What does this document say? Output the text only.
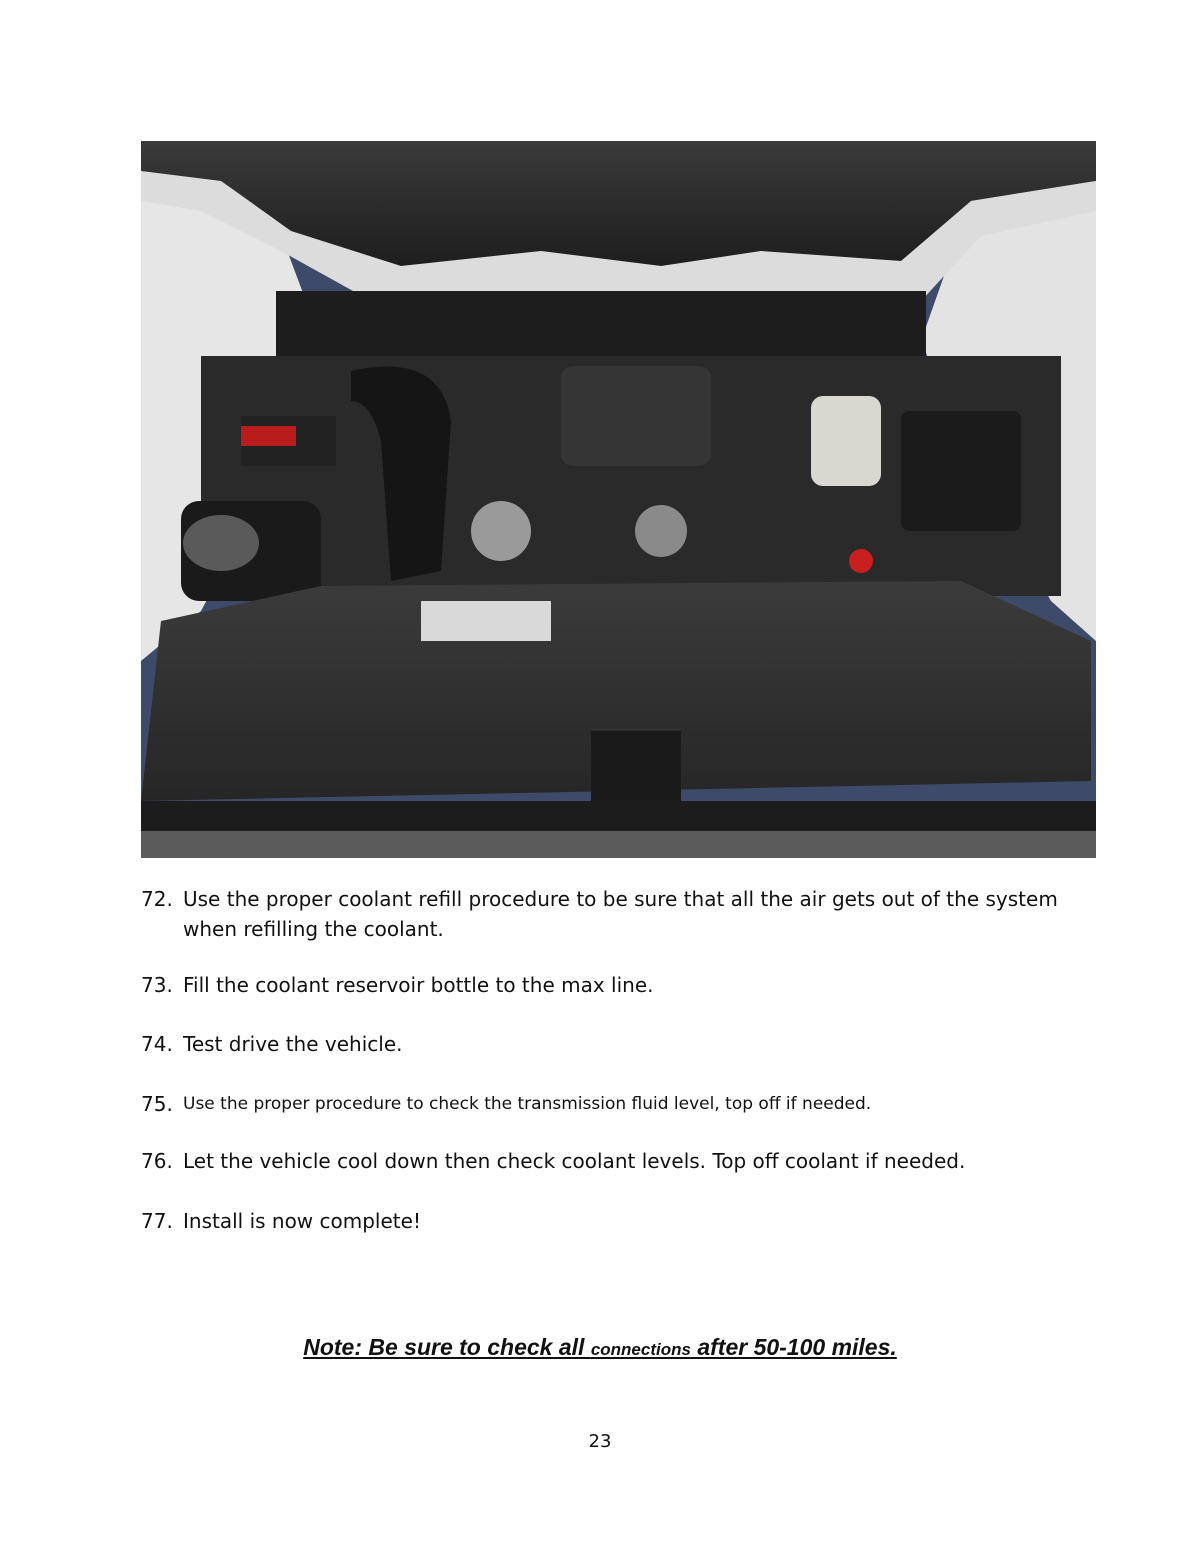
72. Use the proper coolant refill procedure to be sure that all the air gets out of the system when refilling the coolant.
73. Fill the coolant reservoir bottle to the max line.
74. Test drive the vehicle.
75. Use the proper procedure to check the transmission fluid level, top off if needed.
76. Let the vehicle cool down then check coolant levels. Top off coolant if needed.
77. Install is now complete!
Note: Be sure to check all connections after 50-100 miles.
23
